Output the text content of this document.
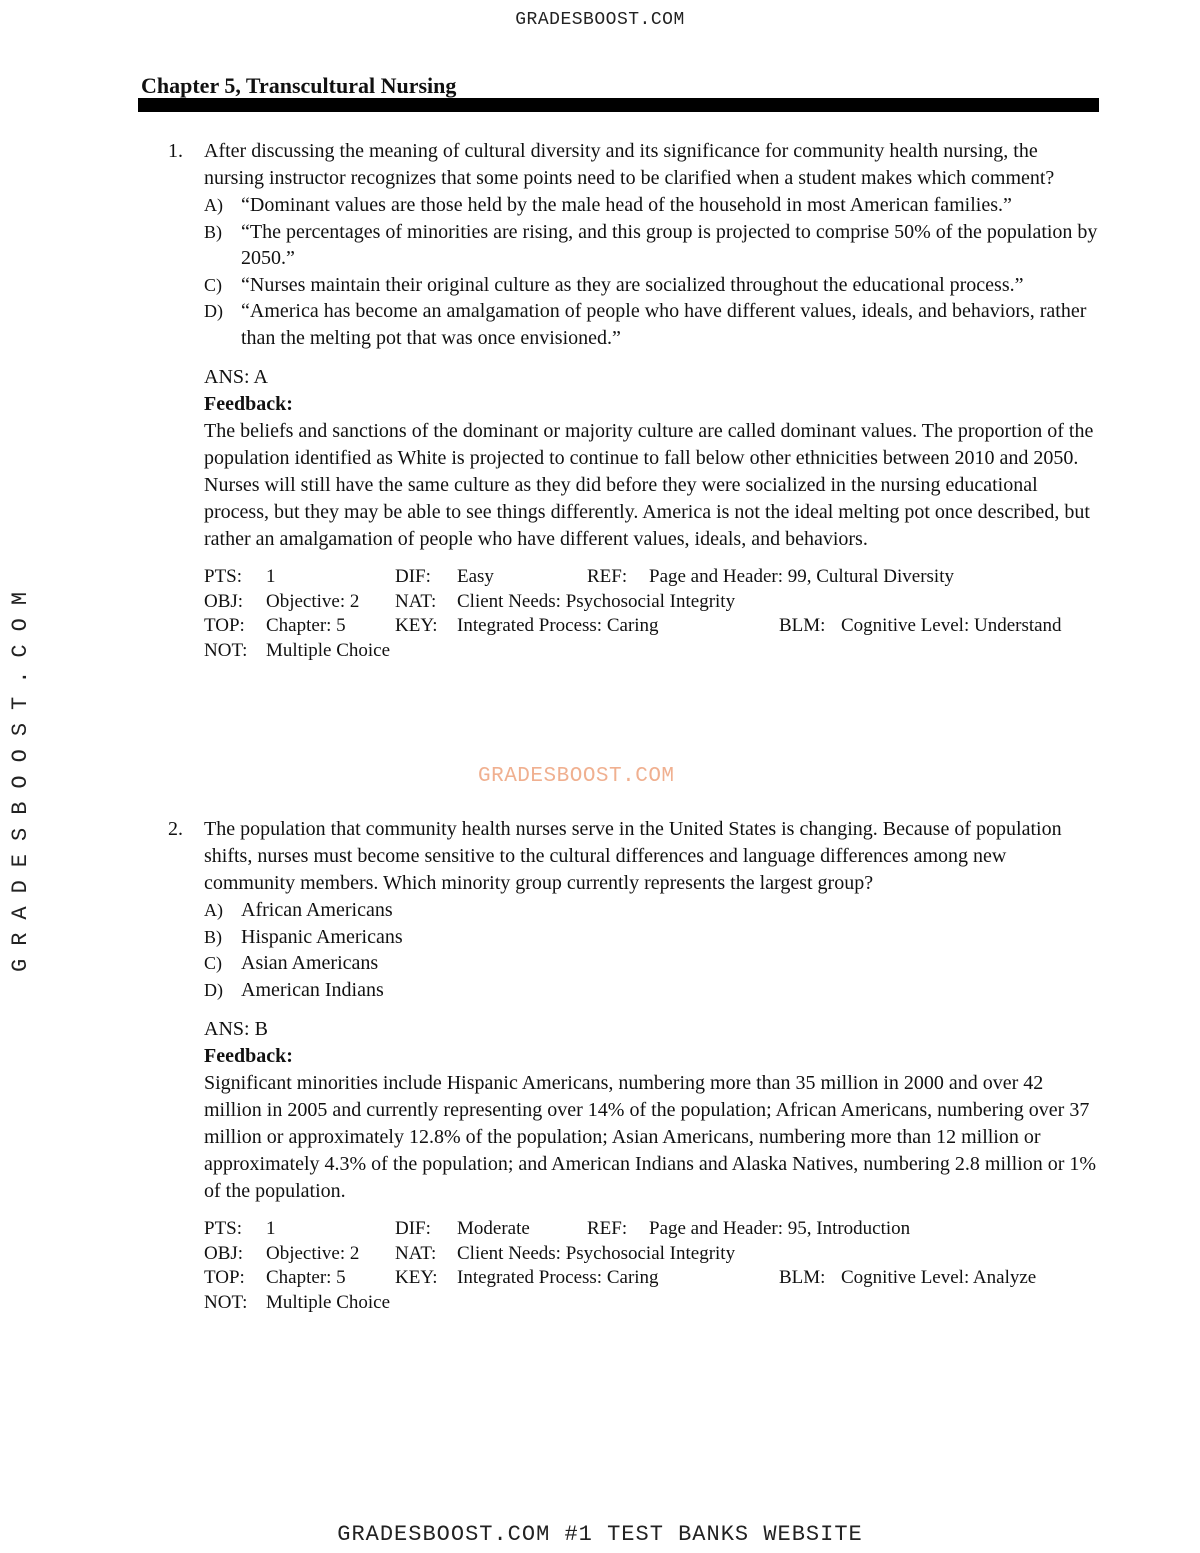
GRADESBOOST.COM
GRADESBOOST.COM
Chapter 5, Transcultural Nursing
1. After discussing the meaning of cultural diversity and its significance for community health nursing, the nursing instructor recognizes that some points need to be clarified when a student makes which comment?
A) “Dominant values are those held by the male head of the household in most American families.”
B) “The percentages of minorities are rising, and this group is projected to comprise 50% of the population by 2050.”
C) “Nurses maintain their original culture as they are socialized throughout the educational process.”
D) “America has become an amalgamation of people who have different values, ideals, and behaviors, rather than the melting pot that was once envisioned.”
ANS: A
Feedback:
The beliefs and sanctions of the dominant or majority culture are called dominant values. The proportion of the population identified as White is projected to continue to fall below other ethnicities between 2010 and 2050. Nurses will still have the same culture as they did before they were socialized in the nursing educational process, but they may be able to see things differently. America is not the ideal melting pot once described, but rather an amalgamation of people who have different values, ideals, and behaviors.
PTS: 1	DIF: Easy	REF: Page and Header: 99, Cultural Diversity
OBJ: Objective: 2 NAT: Client Needs: Psychosocial Integrity
TOP: Chapter: 5	KEY: Integrated Process: Caring	BLM: Cognitive Level: Understand
NOT: Multiple Choice
GRADESBOOST.COM
2. The population that community health nurses serve in the United States is changing. Because of population shifts, nurses must become sensitive to the cultural differences and language differences among new community members. Which minority group currently represents the largest group?
A) African Americans
B) Hispanic Americans
C) Asian Americans
D) American Indians
ANS: B
Feedback:
Significant minorities include Hispanic Americans, numbering more than 35 million in 2000 and over 42 million in 2005 and currently representing over 14% of the population; African Americans, numbering over 37 million or approximately 12.8% of the population; Asian Americans, numbering more than 12 million or approximately 4.3% of the population; and American Indians and Alaska Natives, numbering 2.8 million or 1% of the population.
PTS: 1	DIF: Moderate	REF: Page and Header: 95, Introduction
OBJ: Objective: 2 NAT: Client Needs: Psychosocial Integrity
TOP: Chapter: 5	KEY: Integrated Process: Caring	BLM: Cognitive Level: Analyze
NOT: Multiple Choice
GRADESBOOST.COM #1 TEST BANKS WEBSITE
